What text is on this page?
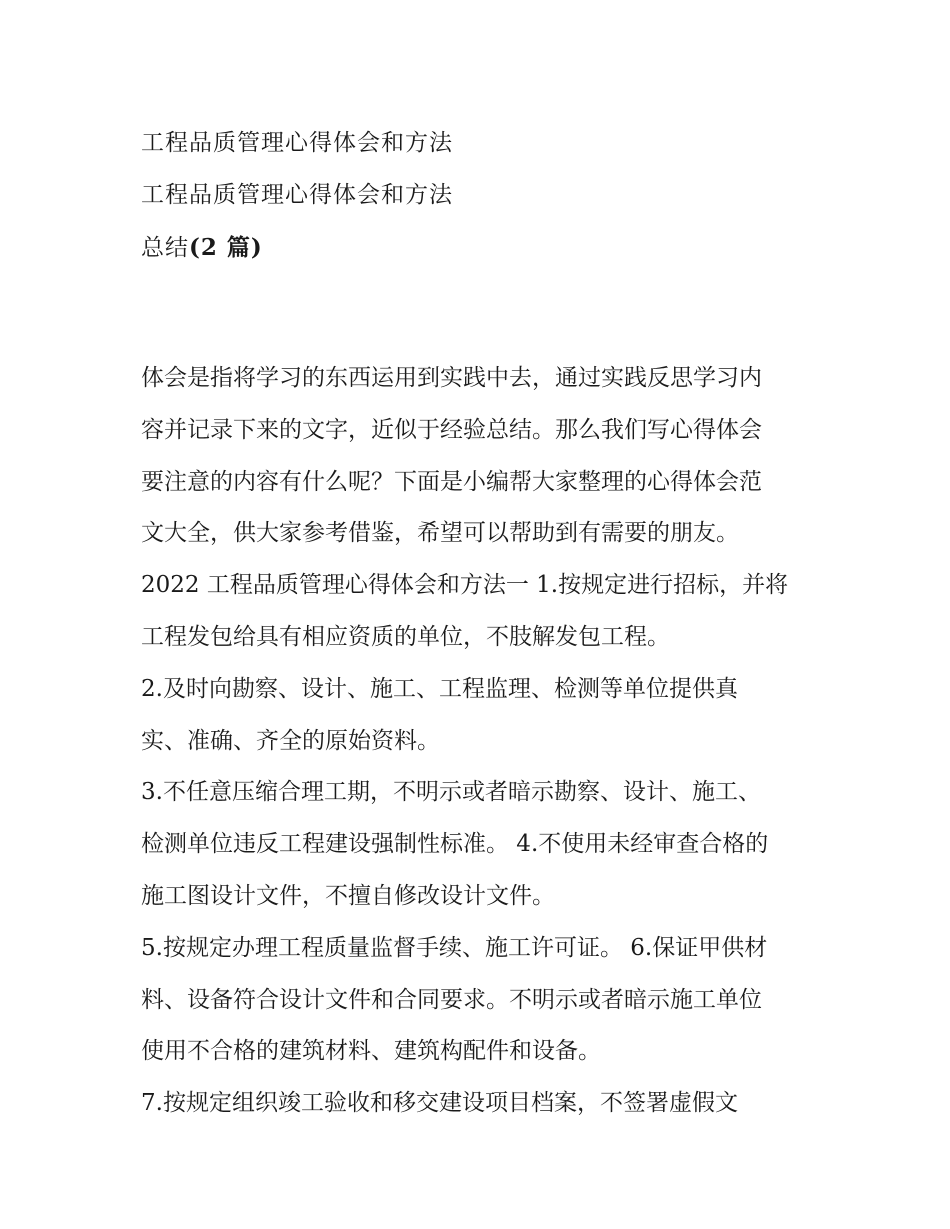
工程品质管理心得体会和方法
工程品质管理心得体会和方法
总结(2 篇)
体会是指将学习的东西运用到实践中去，通过实践反思学习内
容并记录下来的文字，近似于经验总结。那么我们写心得体会
要注意的内容有什么呢？下面是小编帮大家整理的心得体会范
文大全，供大家参考借鉴，希望可以帮助到有需要的朋友。
2022 工程品质管理心得体会和方法一 1.按规定进行招标，并将
工程发包给具有相应资质的单位，不肢解发包工程。
2.及时向勘察、设计、施工、工程监理、检测等单位提供真
实、准确、齐全的原始资料。
3.不任意压缩合理工期，不明示或者暗示勘察、设计、施工、
检测单位违反工程建设强制性标准。 4.不使用未经审查合格的
施工图设计文件，不擅自修改设计文件。
5.按规定办理工程质量监督手续、施工许可证。 6.保证甲供材
料、设备符合设计文件和合同要求。不明示或者暗示施工单位
使用不合格的建筑材料、建筑构配件和设备。
7.按规定组织竣工验收和移交建设项目档案，不签署虚假文
